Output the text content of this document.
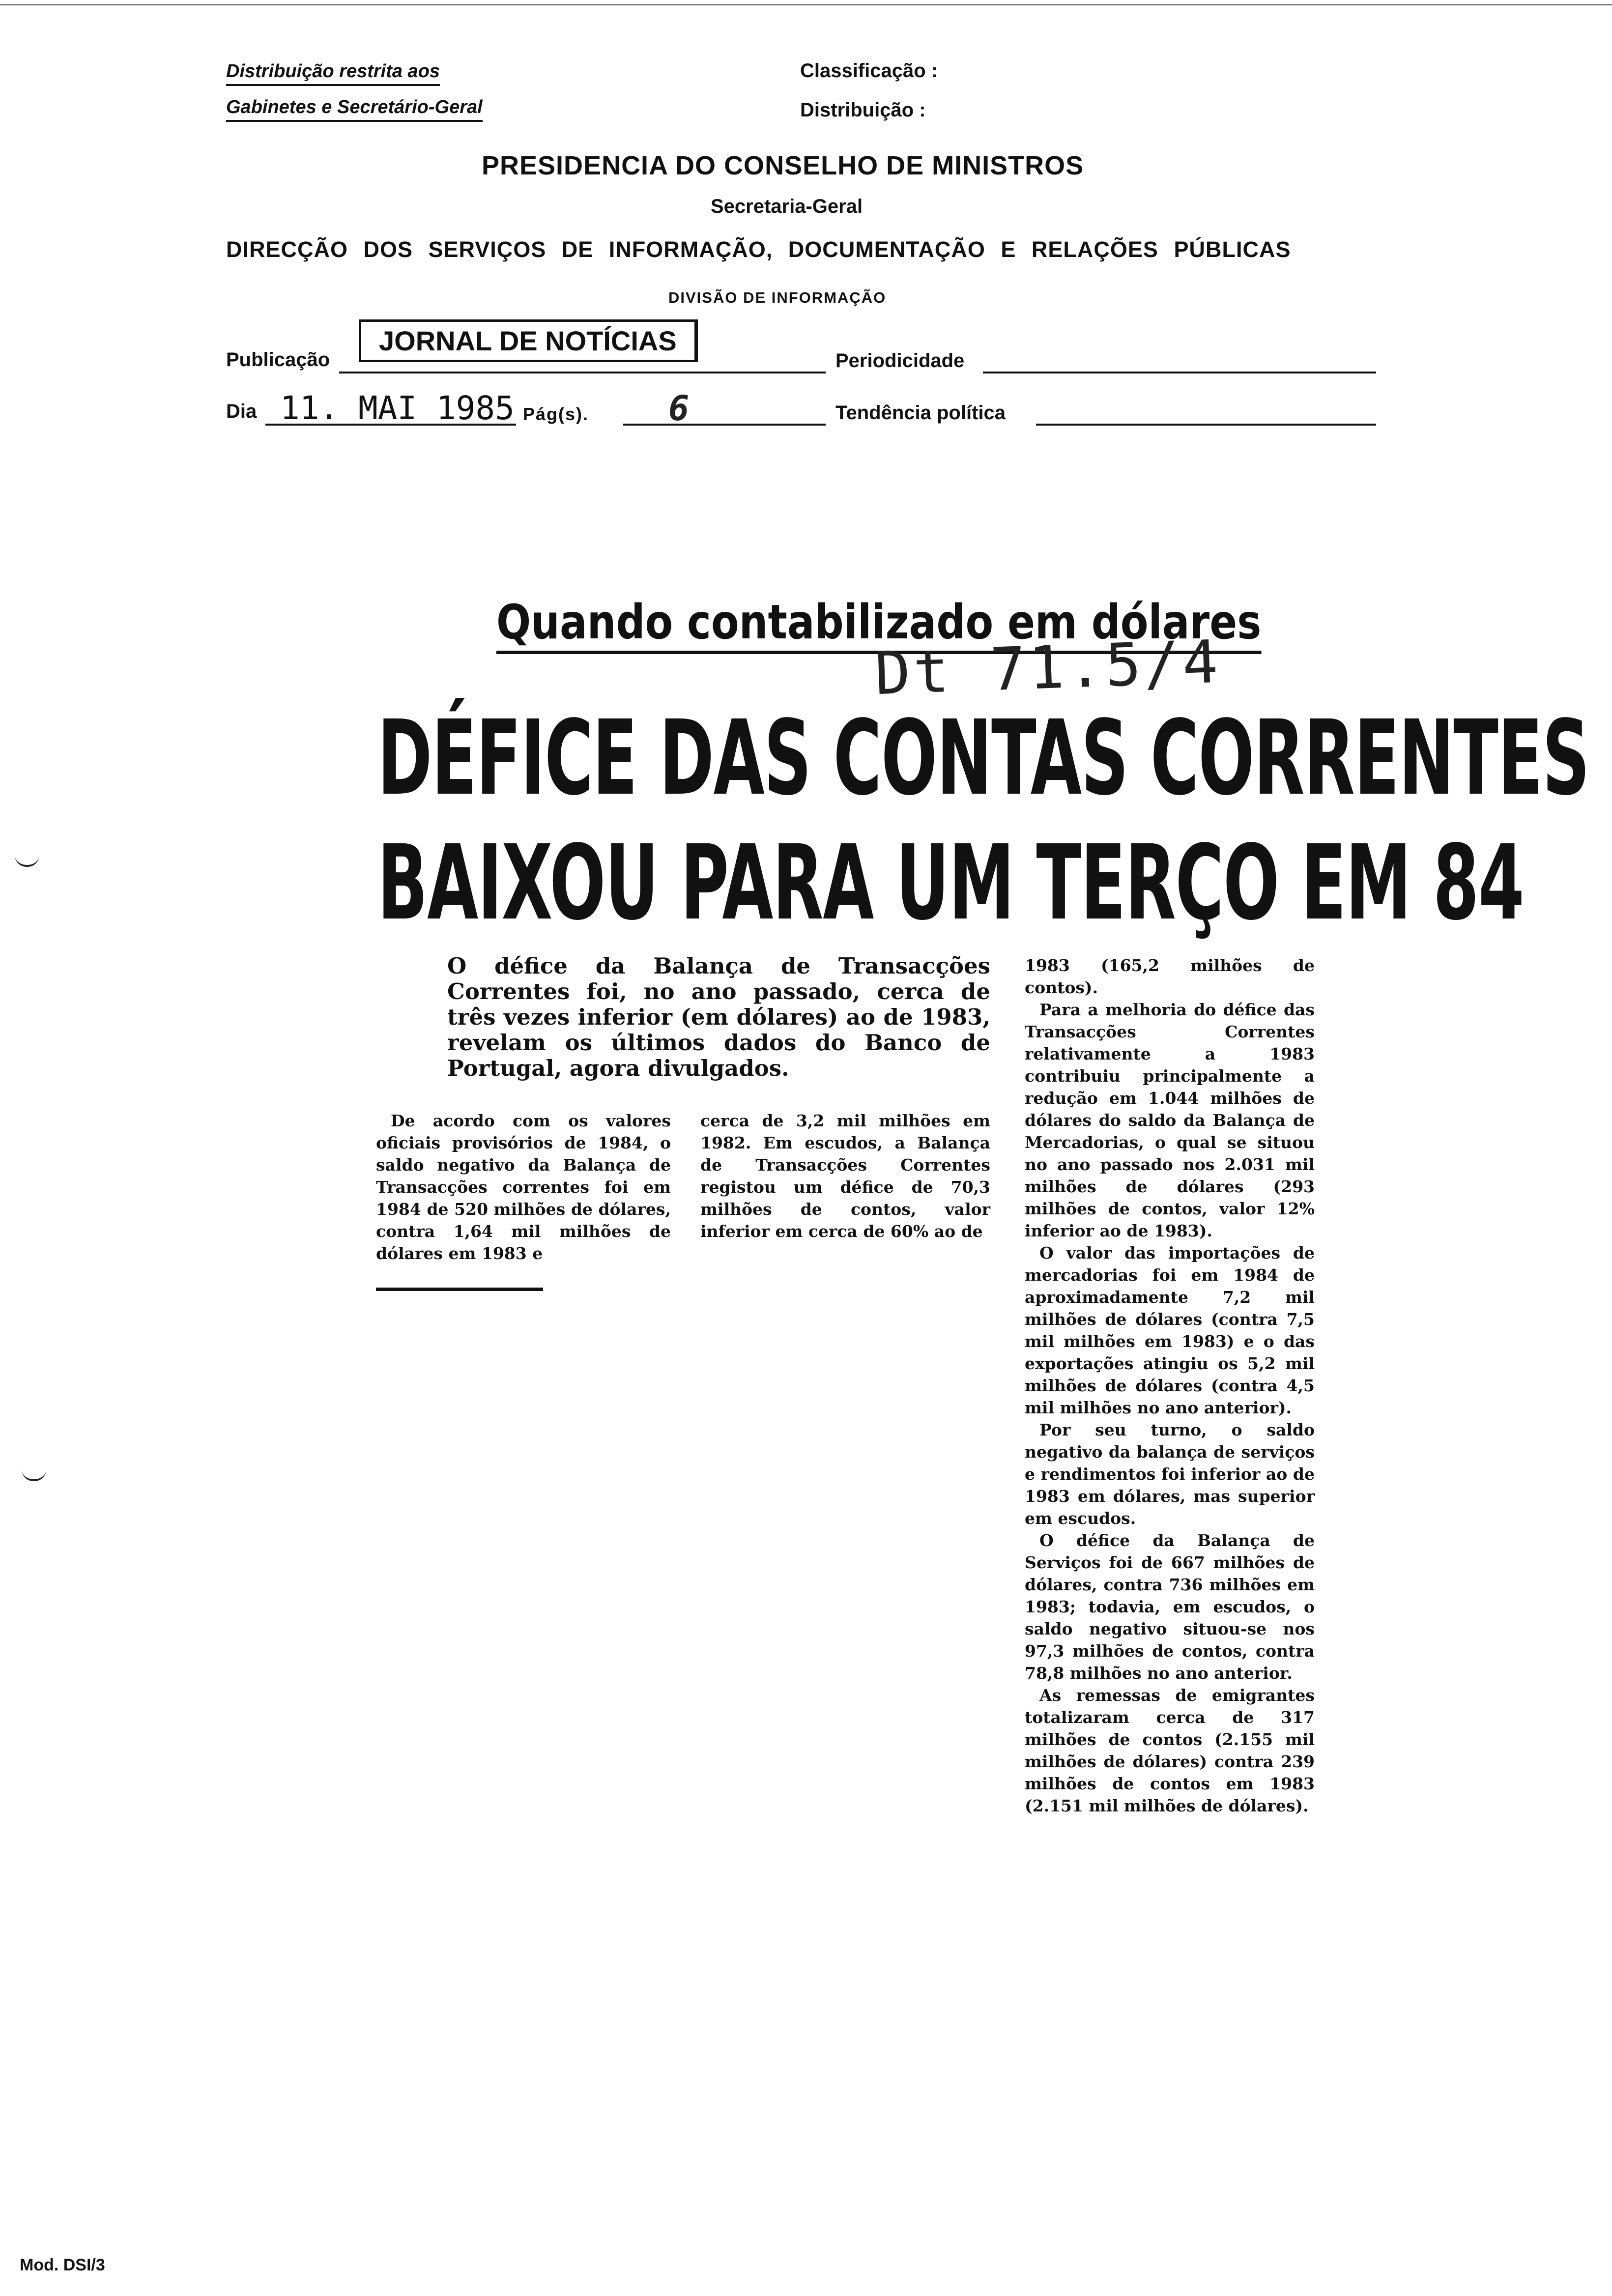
Distribuição restrita aos
Gabinetes e Secretário-Geral
Classificação :
Distribuição :
PRESIDENCIA DO CONSELHO DE MINISTROS
Secretaria-Geral
DIRECÇÃO DOS SERVIÇOS DE INFORMAÇÃO, DOCUMENTAÇÃO E RELAÇÕES PÚBLICAS
DIVISÃO DE INFORMAÇÃO
Publicação
JORNAL DE NOTÍCIAS
Periodicidade
Dia 11. MAI 1985 Pág(s). 6	Tendência política
Quando contabilizado em dólares
Dt 71.5/4
DÉFICE DAS CONTAS CORRENTES
BAIXOU PARA UM TERÇO EM 84
O défice da Balança de Transacções Correntes foi, no ano passado, cerca de três vezes inferior (em dólares) ao de 1983, revelam os últimos dados do Banco de Portugal, agora divulgados.

De acordo com os valores oficiais provisórios de 1984, o saldo negativo da Balança de Transacções correntes foi em 1984 de 520 milhões de dólares, contra 1,64 mil milhões de dólares em 1983 e

cerca de 3,2 mil milhões em 1982. Em escudos, a Balança de Transacções Correntes registou um défice de 70,3 milhões de contos, valor inferior em cerca de 60% ao de

1983 (165,2 milhões de contos).

Para a melhoria do défice das Transacções Correntes relativamente a 1983 contribuiu principalmente a redução em 1.044 milhões de dólares do saldo da Balança de Mercadorias, o qual se situou no ano passado nos 2.031 mil milhões de dólares (293 milhões de contos, valor 12% inferior ao de 1983).

O valor das importações de mercadorias foi em 1984 de aproximadamente 7,2 mil milhões de dólares (contra 7,5 mil milhões em 1983) e o das exportações atingiu os 5,2 mil milhões de dólares (contra 4,5 mil milhões no ano anterior).

Por seu turno, o saldo negativo da balança de serviços e rendimentos foi inferior ao de 1983 em dólares, mas superior em escudos.

O défice da Balança de Serviços foi de 667 milhões de dólares, contra 736 milhões em 1983; todavia, em escudos, o saldo negativo situou-se nos 97,3 milhões de contos, contra 78,8 milhões no ano anterior.

As remessas de emigrantes totalizaram cerca de 317 milhões de contos (2.155 mil milhões de dólares) contra 239 milhões de contos em 1983 (2.151 mil milhões de dólares).

Mod. DSI/3
